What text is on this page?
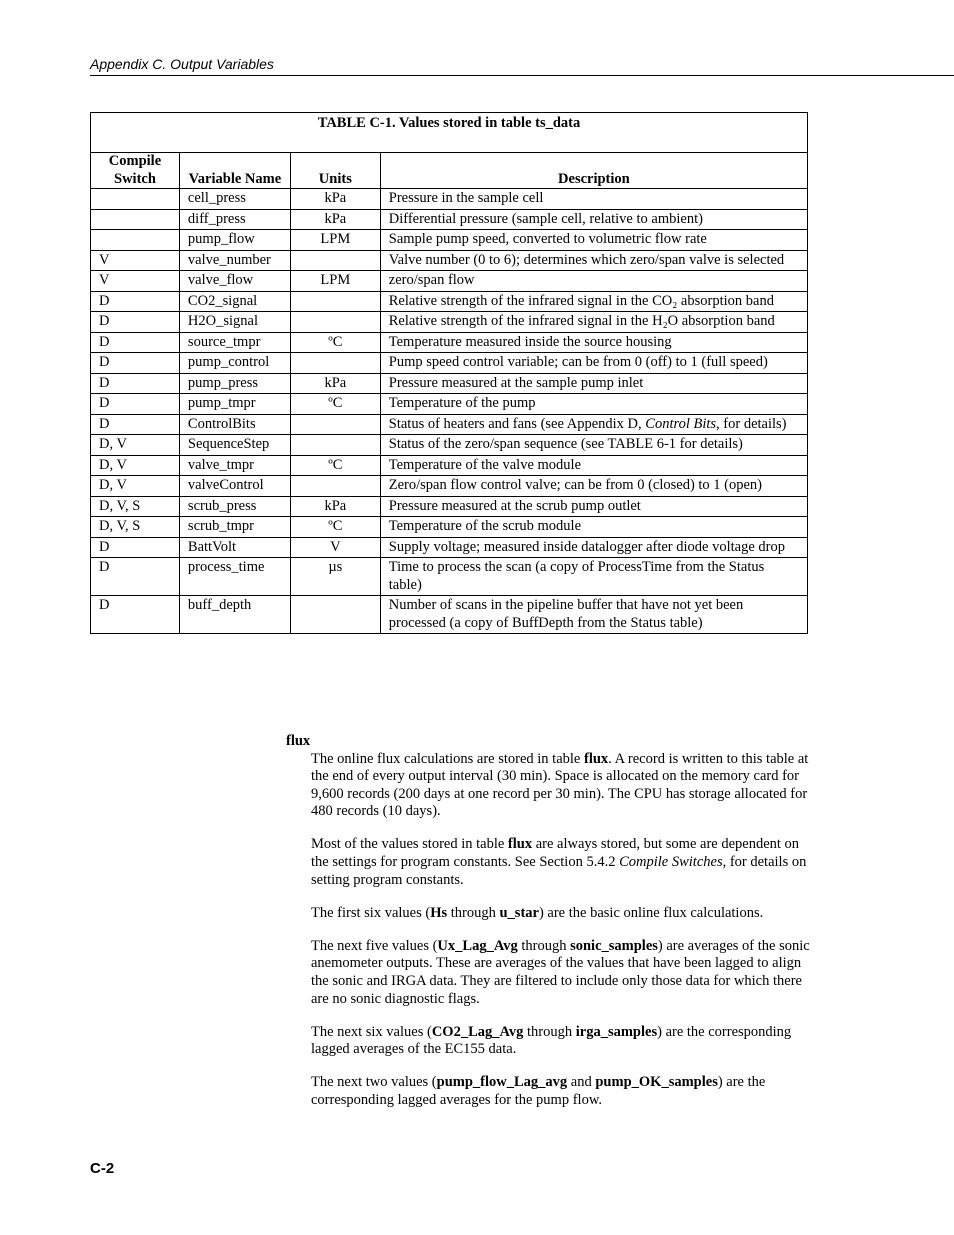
Appendix C. Output Variables
TABLE C-1. Values stored in table ts_data			
Compile Switch	Variable Name	Units	Description
	cell_press	kPa	Pressure in the sample cell
	diff_press	kPa	Differential pressure (sample cell, relative to ambient)
	pump_flow	LPM	Sample pump speed, converted to volumetric flow rate
V	valve_number		Valve number (0 to 6); determines which zero/span valve is selected
V	valve_flow	LPM	zero/span flow
D	CO2_signal		Relative strength of the infrared signal in the CO₂ absorption band
D	H2O_signal		Relative strength of the infrared signal in the H₂O absorption band
D	source_tmpr	ºC	Temperature measured inside the source housing
D	pump_control		Pump speed control variable; can be from 0 (off) to 1 (full speed)
D	pump_press	kPa	Pressure measured at the sample pump inlet
D	pump_tmpr	ºC	Temperature of the pump
D	ControlBits		Status of heaters and fans (see Appendix D, Control Bits, for details)
D, V	SequenceStep		Status of the zero/span sequence (see TABLE 6-1 for details)
D, V	valve_tmpr	ºC	Temperature of the valve module
D, V	valveControl		Zero/span flow control valve; can be from 0 (closed) to 1 (open)
D, V, S	scrub_press	kPa	Pressure measured at the scrub pump outlet
D, V, S	scrub_tmpr	ºC	Temperature of the scrub module
D	BattVolt	V	Supply voltage; measured inside datalogger after diode voltage drop
D	process_time	µs	Time to process the scan (a copy of ProcessTime from the Status table)
D	buff_depth		Number of scans in the pipeline buffer that have not yet been processed (a copy of BuffDepth from the Status table)
flux

The online flux calculations are stored in table flux. A record is written to this table at the end of every output interval (30 min). Space is allocated on the memory card for 9,600 records (200 days at one record per 30 min). The CPU has storage allocated for 480 records (10 days).

Most of the values stored in table flux are always stored, but some are dependent on the settings for program constants. See Section 5.4.2 Compile Switches, for details on setting program constants.

The first six values (Hs through u_star) are the basic online flux calculations.

The next five values (Ux_Lag_Avg through sonic_samples) are averages of the sonic anemometer outputs. These are averages of the values that have been lagged to align the sonic and IRGA data. They are filtered to include only those data for which there are no sonic diagnostic flags.

The next six values (CO2_Lag_Avg through irga_samples) are the corresponding lagged averages of the EC155 data.

The next two values (pump_flow_Lag_avg and pump_OK_samples) are the corresponding lagged averages for the pump flow.

C-2
